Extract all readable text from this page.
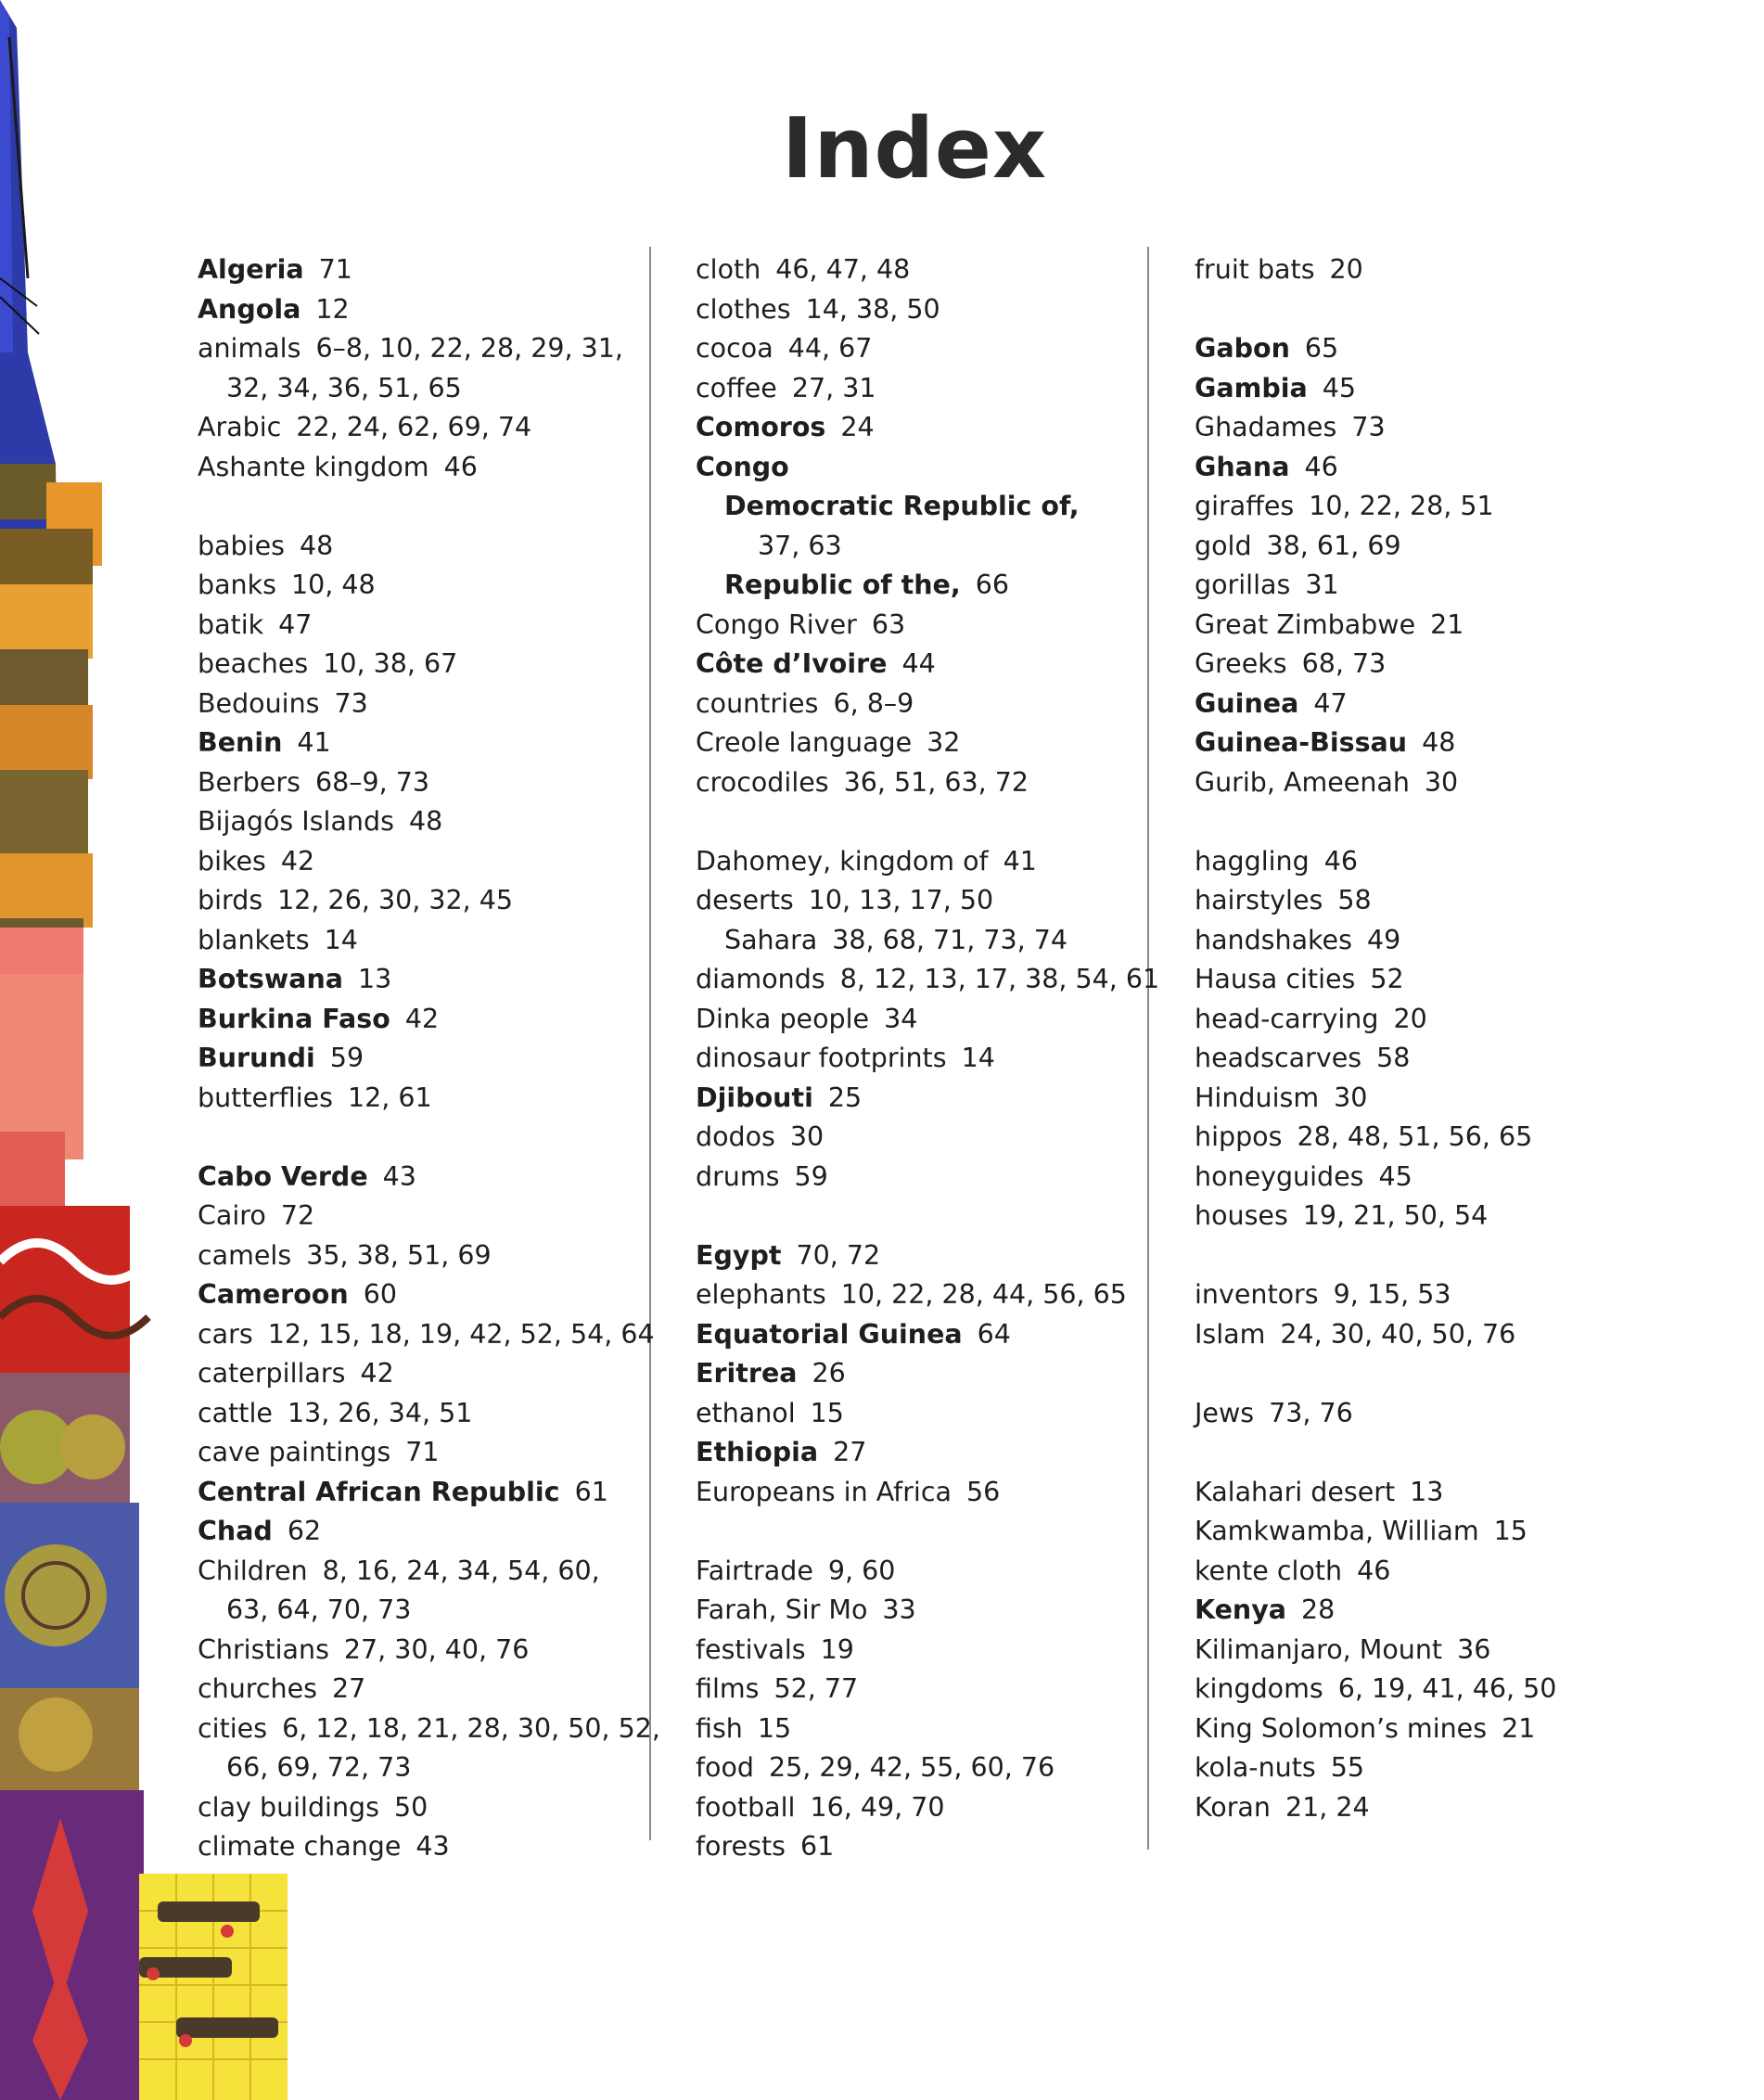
Index
Algeria 71
Angola 12
animals 6–8, 10, 22, 28, 29, 31,
32, 34, 36, 51, 65
Arabic 22, 24, 62, 69, 74
Ashante kingdom 46
babies 48
banks 10, 48
batik 47
beaches 10, 38, 67
Bedouins 73
Benin 41
Berbers 68–9, 73
Bijagós Islands 48
bikes 42
birds 12, 26, 30, 32, 45
blankets 14
Botswana 13
Burkina Faso 42
Burundi 59
butterflies 12, 61
Cabo Verde 43
Cairo 72
camels 35, 38, 51, 69
Cameroon 60
cars 12, 15, 18, 19, 42, 52, 54, 64
caterpillars 42
cattle 13, 26, 34, 51
cave paintings 71
Central African Republic 61
Chad 62
Children 8, 16, 24, 34, 54, 60,
63, 64, 70, 73
Christians 27, 30, 40, 76
churches 27
cities 6, 12, 18, 21, 28, 30, 50, 52,
66, 69, 72, 73
clay buildings 50
climate change 43
cloth 46, 47, 48
clothes 14, 38, 50
cocoa 44, 67
coffee 27, 31
Comoros 24
Congo
Democratic Republic of,
37, 63
Republic of the, 66
Congo River 63
Côte d’Ivoire 44
countries 6, 8–9
Creole language 32
crocodiles 36, 51, 63, 72
Dahomey, kingdom of 41
deserts 10, 13, 17, 50
Sahara 38, 68, 71, 73, 74
diamonds 8, 12, 13, 17, 38, 54, 61
Dinka people 34
dinosaur footprints 14
Djibouti 25
dodos 30
drums 59
Egypt 70, 72
elephants 10, 22, 28, 44, 56, 65
Equatorial Guinea 64
Eritrea 26
ethanol 15
Ethiopia 27
Europeans in Africa 56
Fairtrade 9, 60
Farah, Sir Mo 33
festivals 19
films 52, 77
fish 15
food 25, 29, 42, 55, 60, 76
football 16, 49, 70
forests 61
fruit bats 20
Gabon 65
Gambia 45
Ghadames 73
Ghana 46
giraffes 10, 22, 28, 51
gold 38, 61, 69
gorillas 31
Great Zimbabwe 21
Greeks 68, 73
Guinea 47
Guinea-Bissau 48
Gurib, Ameenah 30
haggling 46
hairstyles 58
handshakes 49
Hausa cities 52
head-carrying 20
headscarves 58
Hinduism 30
hippos 28, 48, 51, 56, 65
honeyguides 45
houses 19, 21, 50, 54
inventors 9, 15, 53
Islam 24, 30, 40, 50, 76
Jews 73, 76
Kalahari desert 13
Kamkwamba, William 15
kente cloth 46
Kenya 28
Kilimanjaro, Mount 36
kingdoms 6, 19, 41, 46, 50
King Solomon’s mines 21
kola-nuts 55
Koran 21, 24
